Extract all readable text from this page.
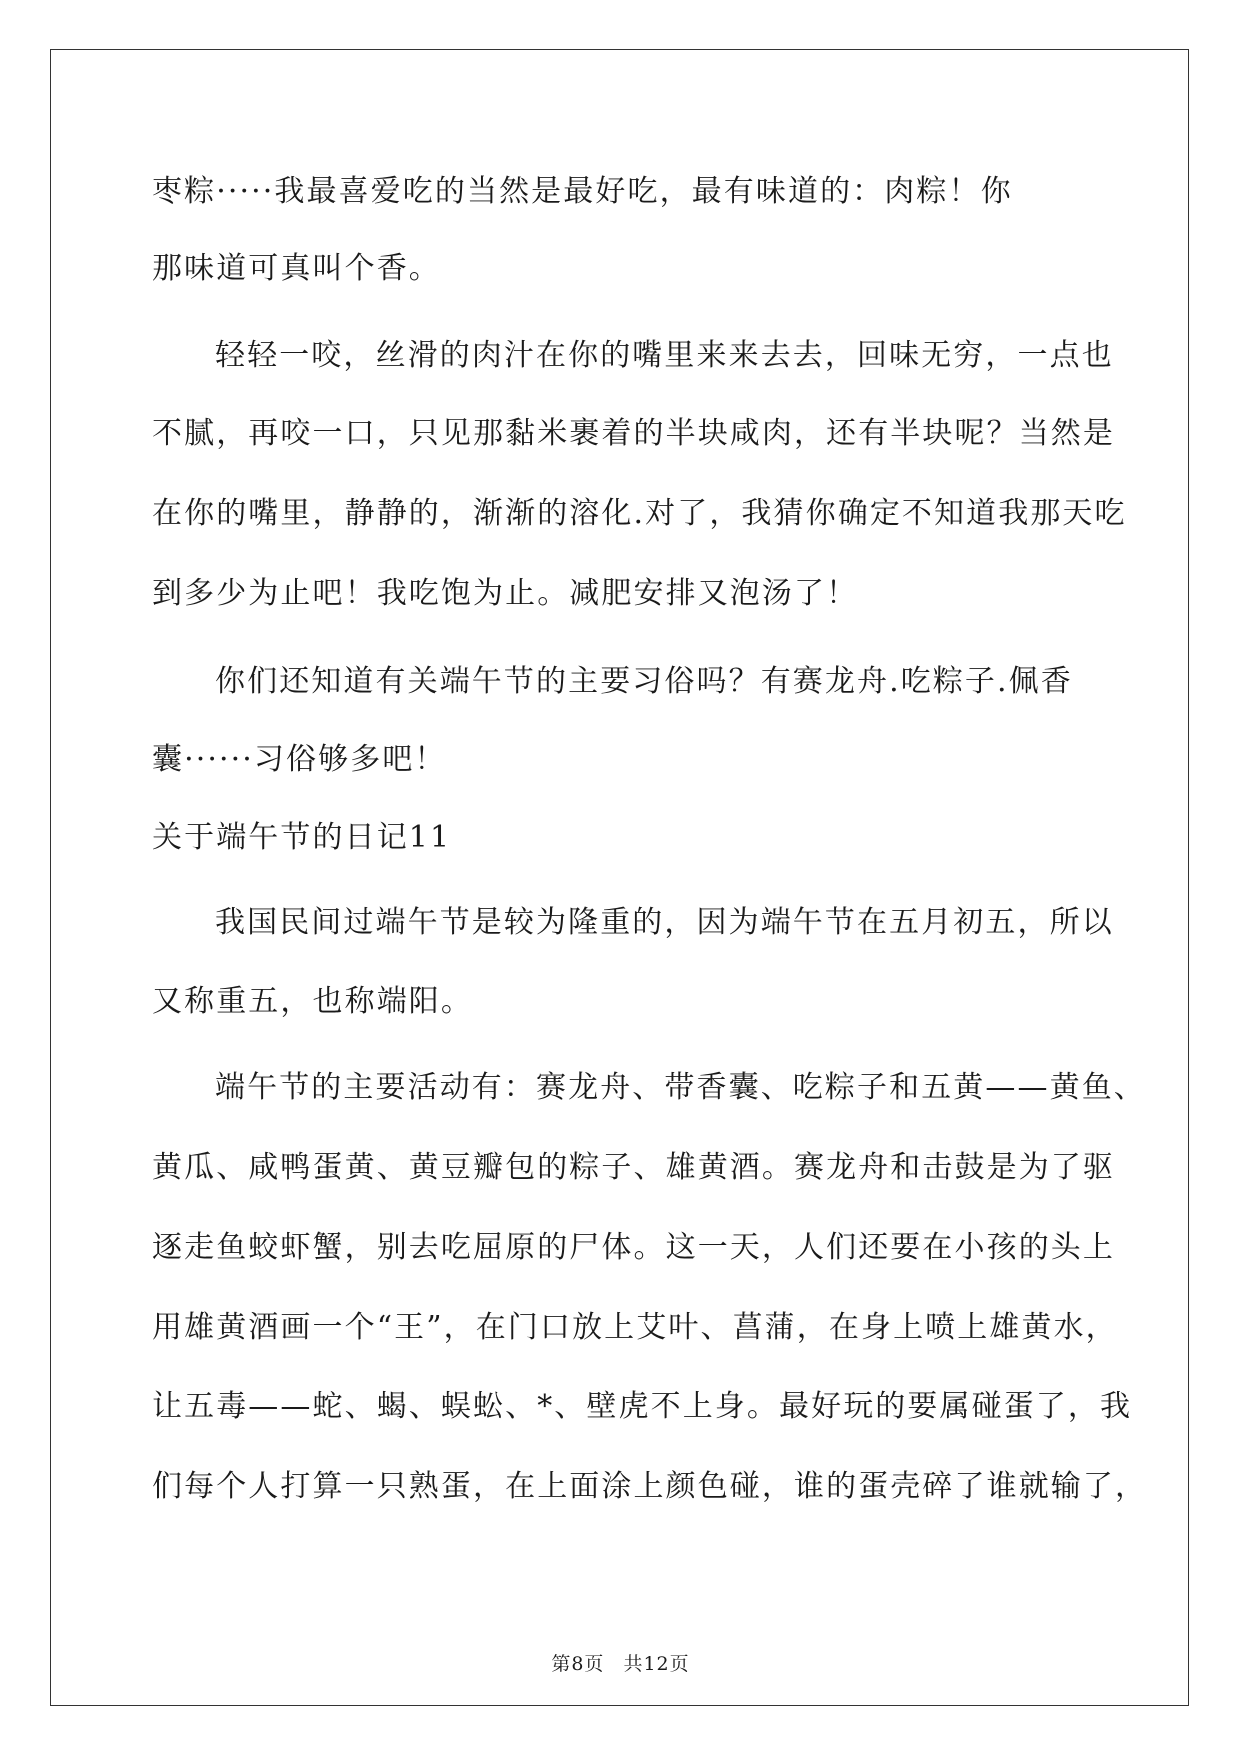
枣粽·····我最喜爱吃的当然是最好吃，最有味道的：肉粽！你
那味道可真叫个香。
轻轻一咬，丝滑的肉汁在你的嘴里来来去去，回味无穷，一点也
不腻，再咬一口，只见那黏米裹着的半块咸肉，还有半块呢？当然是
在你的嘴里，静静的，渐渐的溶化.对了，我猜你确定不知道我那天吃
到多少为止吧！我吃饱为止。减肥安排又泡汤了！
你们还知道有关端午节的主要习俗吗？有赛龙舟.吃粽子.佩香
囊······习俗够多吧！
关于端午节的日记11
我国民间过端午节是较为隆重的，因为端午节在五月初五，所以
又称重五，也称端阳。
端午节的主要活动有：赛龙舟、带香囊、吃粽子和五黄——黄鱼、
黄瓜、咸鸭蛋黄、黄豆瓣包的粽子、雄黄酒。赛龙舟和击鼓是为了驱
逐走鱼蛟虾蟹，别去吃屈原的尸体。这一天，人们还要在小孩的头上
用雄黄酒画一个“王”，在门口放上艾叶、菖蒲，在身上喷上雄黄水，
让五毒——蛇、蝎、蜈蚣、*、壁虎不上身。最好玩的要属碰蛋了，我
们每个人打算一只熟蛋，在上面涂上颜色碰，谁的蛋壳碎了谁就输了，
第8页 共12页
